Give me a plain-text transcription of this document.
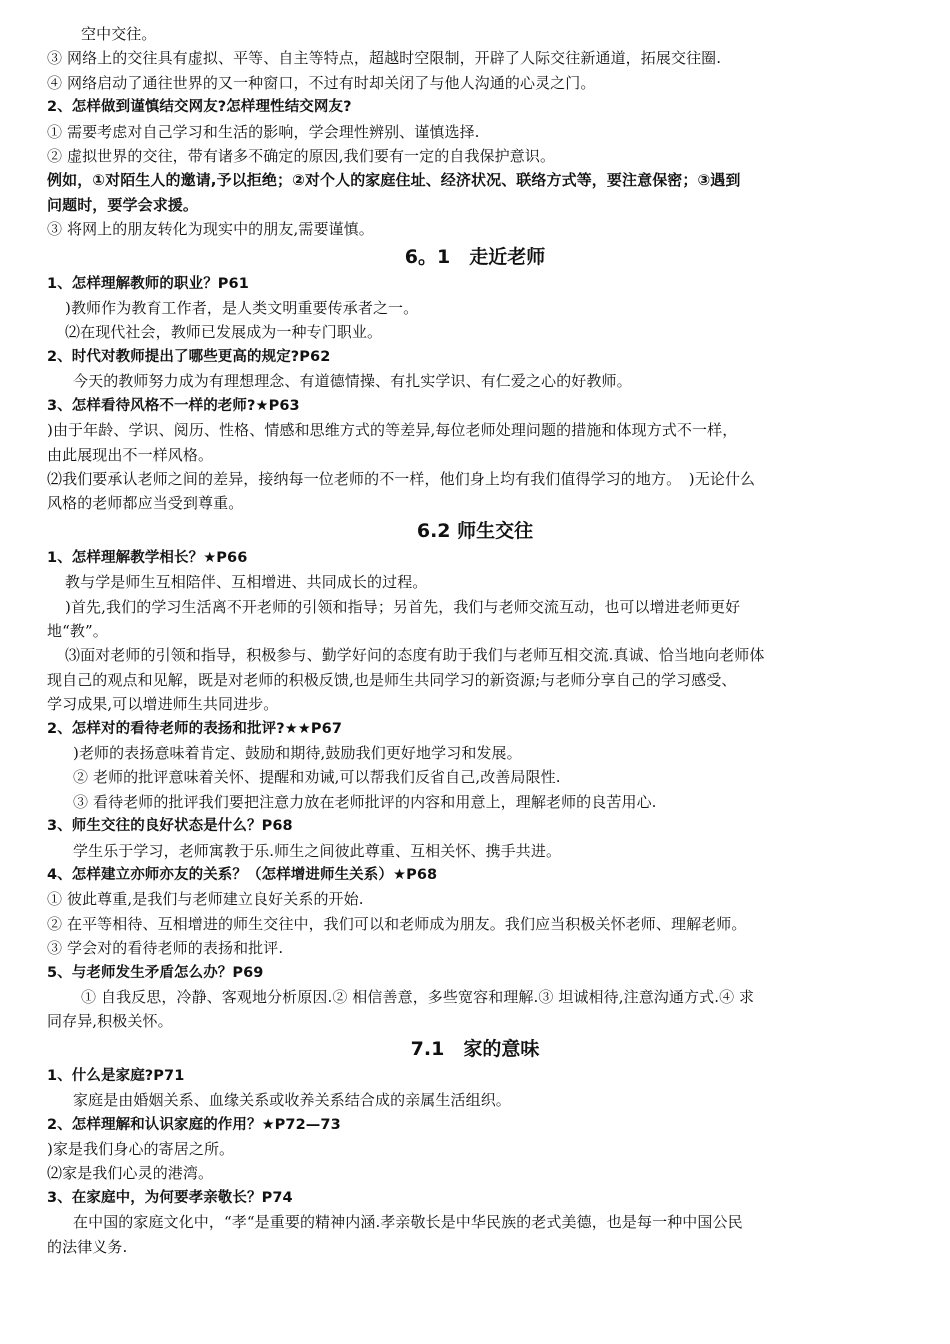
空中交往。
③ 网络上的交往具有虚拟、平等、自主等特点，超越时空限制，开辟了人际交往新通道，拓展交往圈.
④ 网络启动了通往世界的又一种窗口，不过有时却关闭了与他人沟通的心灵之门。
2、怎样做到谨慎结交网友?怎样理性结交网友?
① 需要考虑对自己学习和生活的影响，学会理性辨别、谨慎选择.
② 虚拟世界的交往，带有诸多不确定的原因,我们要有一定的自我保护意识。
例如，①对陌生人的邀请,予以拒绝；②对个人的家庭住址、经济状况、联络方式等，要注意保密；③遇到
问题时，要学会求援。
③ 将网上的朋友转化为现实中的朋友,需要谨慎。
6。1　走近老师
1、怎样理解教师的职业？P61
)教师作为教育工作者，是人类文明重要传承者之一。
⑵在现代社会，教师已发展成为一种专门职业。
2、时代对教师提出了哪些更高的规定?P62
今天的教师努力成为有理想理念、有道德情操、有扎实学识、有仁爱之心的好教师。
3、怎样看待风格不一样的老师?★P63
)由于年龄、学识、阅历、性格、情感和思维方式的等差异,每位老师处理问题的措施和体现方式不一样，
由此展现出不一样风格。
⑵我们要承认老师之间的差异，接纳每一位老师的不一样，他们身上均有我们值得学习的地方。　)无论什么
风格的老师都应当受到尊重。
6.2 师生交往
1、怎样理解教学相长？★P66
教与学是师生互相陪伴、互相增进、共同成长的过程。
)首先,我们的学习生活离不开老师的引领和指导；另首先，我们与老师交流互动，也可以增进老师更好
地“教”。
⑶面对老师的引领和指导，积极参与、勤学好问的态度有助于我们与老师互相交流.真诚、恰当地向老师体
现自己的观点和见解，既是对老师的积极反馈,也是师生共同学习的新资源;与老师分享自己的学习感受、
学习成果,可以增进师生共同进步。
2、怎样对的看待老师的表扬和批评?★★P67
)老师的表扬意味着肯定、鼓励和期待,鼓励我们更好地学习和发展。
② 老师的批评意味着关怀、提醒和劝诫,可以帮我们反省自己,改善局限性.
③ 看待老师的批评我们要把注意力放在老师批评的内容和用意上，理解老师的良苦用心.
3、师生交往的良好状态是什么？P68
学生乐于学习，老师寓教于乐.师生之间彼此尊重、互相关怀、携手共进。
4、怎样建立亦师亦友的关系？（怎样增进师生关系）★P68
① 彼此尊重,是我们与老师建立良好关系的开始.
② 在平等相待、互相增进的师生交往中，我们可以和老师成为朋友。我们应当积极关怀老师、理解老师。
③ 学会对的看待老师的表扬和批评.
5、与老师发生矛盾怎么办？P69
① 自我反思，冷静、客观地分析原因.② 相信善意，多些宽容和理解.③ 坦诚相待,注意沟通方式.④ 求
同存异,积极关怀。
7.1　家的意味
1、什么是家庭?P71
家庭是由婚姻关系、血缘关系或收养关系结合成的亲属生活组织。
2、怎样理解和认识家庭的作用？★P72—73
)家是我们身心的寄居之所。
⑵家是我们心灵的港湾。
3、在家庭中，为何要孝亲敬长？P74
在中国的家庭文化中，“孝“是重要的精神内涵.孝亲敬长是中华民族的老式美德，也是每一种中国公民
的法律义务.
